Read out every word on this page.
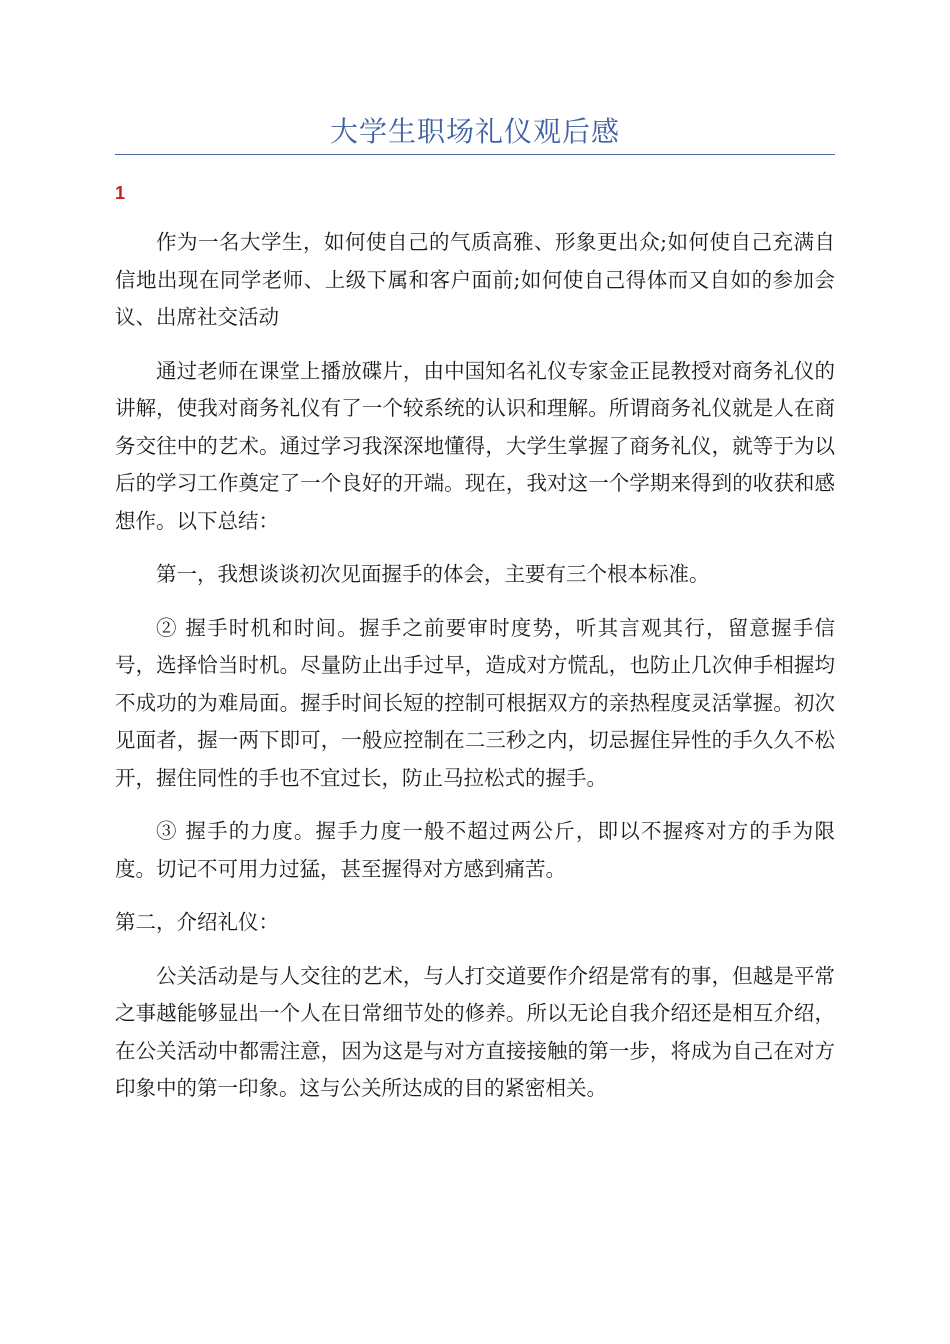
大学生职场礼仪观后感
1

作为一名大学生，如何使自己的气质高雅、形象更出众;如何使自己充满自信地出现在同学老师、上级下属和客户面前;如何使自己得体而又自如的参加会议、出席社交活动

通过老师在课堂上播放碟片，由中国知名礼仪专家金正昆教授对商务礼仪的讲解，使我对商务礼仪有了一个较系统的认识和理解。所谓商务礼仪就是人在商务交往中的艺术。通过学习我深深地懂得，大学生掌握了商务礼仪，就等于为以后的学习工作奠定了一个良好的开端。现在，我对这一个学期来得到的收获和感想作。以下总结：

第一，我想谈谈初次见面握手的体会，主要有三个根本标准。

② 握手时机和时间。握手之前要审时度势，听其言观其行，留意握手信号，选择恰当时机。尽量防止出手过早，造成对方慌乱，也防止几次伸手相握均不成功的为难局面。握手时间长短的控制可根据双方的亲热程度灵活掌握。初次见面者，握一两下即可，一般应控制在二三秒之内，切忌握住异性的手久久不松开，握住同性的手也不宜过长，防止马拉松式的握手。

③ 握手的力度。握手力度一般不超过两公斤，即以不握疼对方的手为限度。切记不可用力过猛，甚至握得对方感到痛苦。

第二，介绍礼仪：

公关活动是与人交往的艺术，与人打交道要作介绍是常有的事，但越是平常之事越能够显出一个人在日常细节处的修养。所以无论自我介绍还是相互介绍，在公关活动中都需注意，因为这是与对方直接接触的第一步，将成为自己在对方印象中的第一印象。这与公关所达成的目的紧密相关。
